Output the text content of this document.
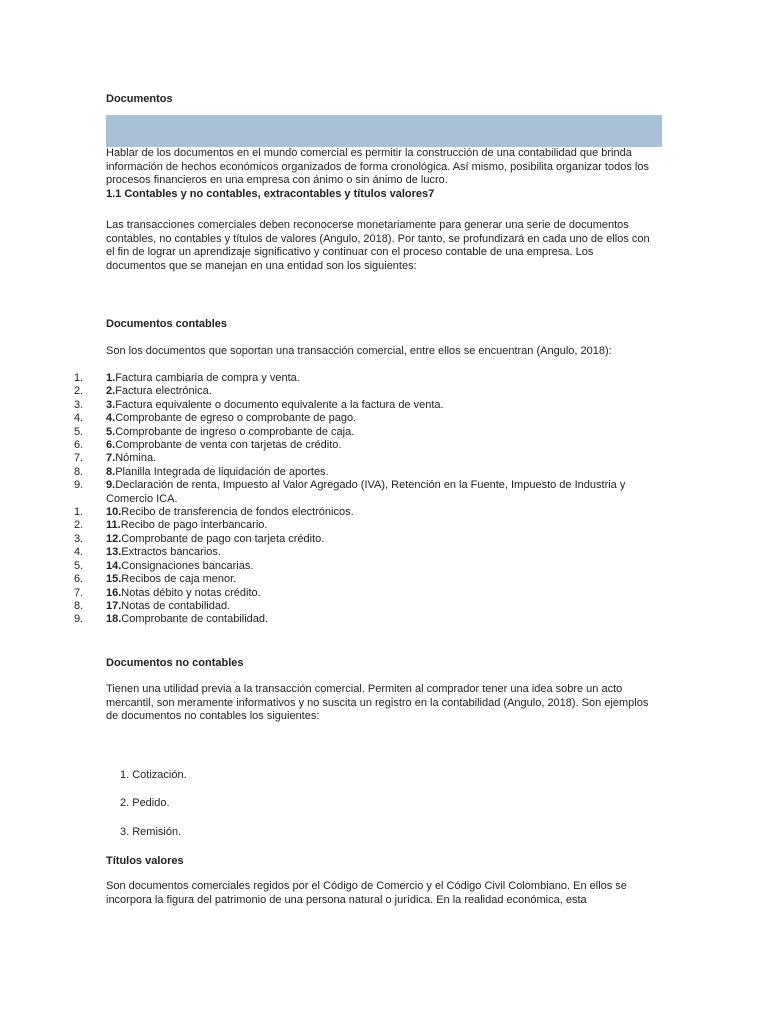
Documentos

Hablar de los documentos en el mundo comercial es permitir la construcción de una contabilidad que brinda información de hechos económicos organizados de forma cronológica. Así mismo, posibilita organizar todos los procesos financieros en una empresa con ánimo o sin ánimo de lucro.

1.1 Contables y no contables, extracontables y títulos valores7

Las transacciones comerciales deben reconocerse monetariamente para generar una serie de documentos contables, no contables y títulos de valores (Angulo, 2018). Por tanto, se profundizará en cada uno de ellos con el fin de lograr un aprendizaje significativo y continuar con el proceso contable de una empresa. Los documentos que se manejan en una entidad son los siguientes:

Documentos contables

Son los documentos que soportan una transacción comercial, entre ellos se encuentran (Angulo, 2018):

1.	1.Factura cambiaria de compra y venta.
2.	2.Factura electrónica.
3.	3.Factura equivalente o documento equivalente a la factura de venta.
4.	4.Comprobante de egreso o comprobante de pago.
5.	5.Comprobante de ingreso o comprobante de caja.
6.	6.Comprobante de venta con tarjetas de crédito.
7.	7.Nómina.
8.	8.Planilla Integrada de liquidación de aportes.
9.	9.Declaración de renta, Impuesto al Valor Agregado (IVA), Retención en la Fuente, Impuesto de Industria y Comercio ICA.
1.	10.Recibo de transferencia de fondos electrónicos.
2.	11.Recibo de pago interbancario.
3.	12.Comprobante de pago con tarjeta crédito.
4.	13.Extractos bancarios.
5.	14.Consignaciones bancarias.
6.	15.Recibos de caja menor.
7.	16.Notas débito y notas crédito.
8.	17.Notas de contabilidad.
9.	18.Comprobante de contabilidad.

Documentos no contables

Tienen una utilidad previa a la transacción comercial. Permiten al comprador tener una idea sobre un acto mercantil, son meramente informativos y no suscita un registro en la contabilidad (Angulo, 2018). Son ejemplos de documentos no contables los siguientes:

1. Cotización.
2. Pedido.
3. Remisión.

Títulos valores

Son documentos comerciales regidos por el Código de Comercio y el Código Civil Colombiano. En ellos se incorpora la figura del patrimonio de una persona natural o jurídica. En la realidad económica, esta
